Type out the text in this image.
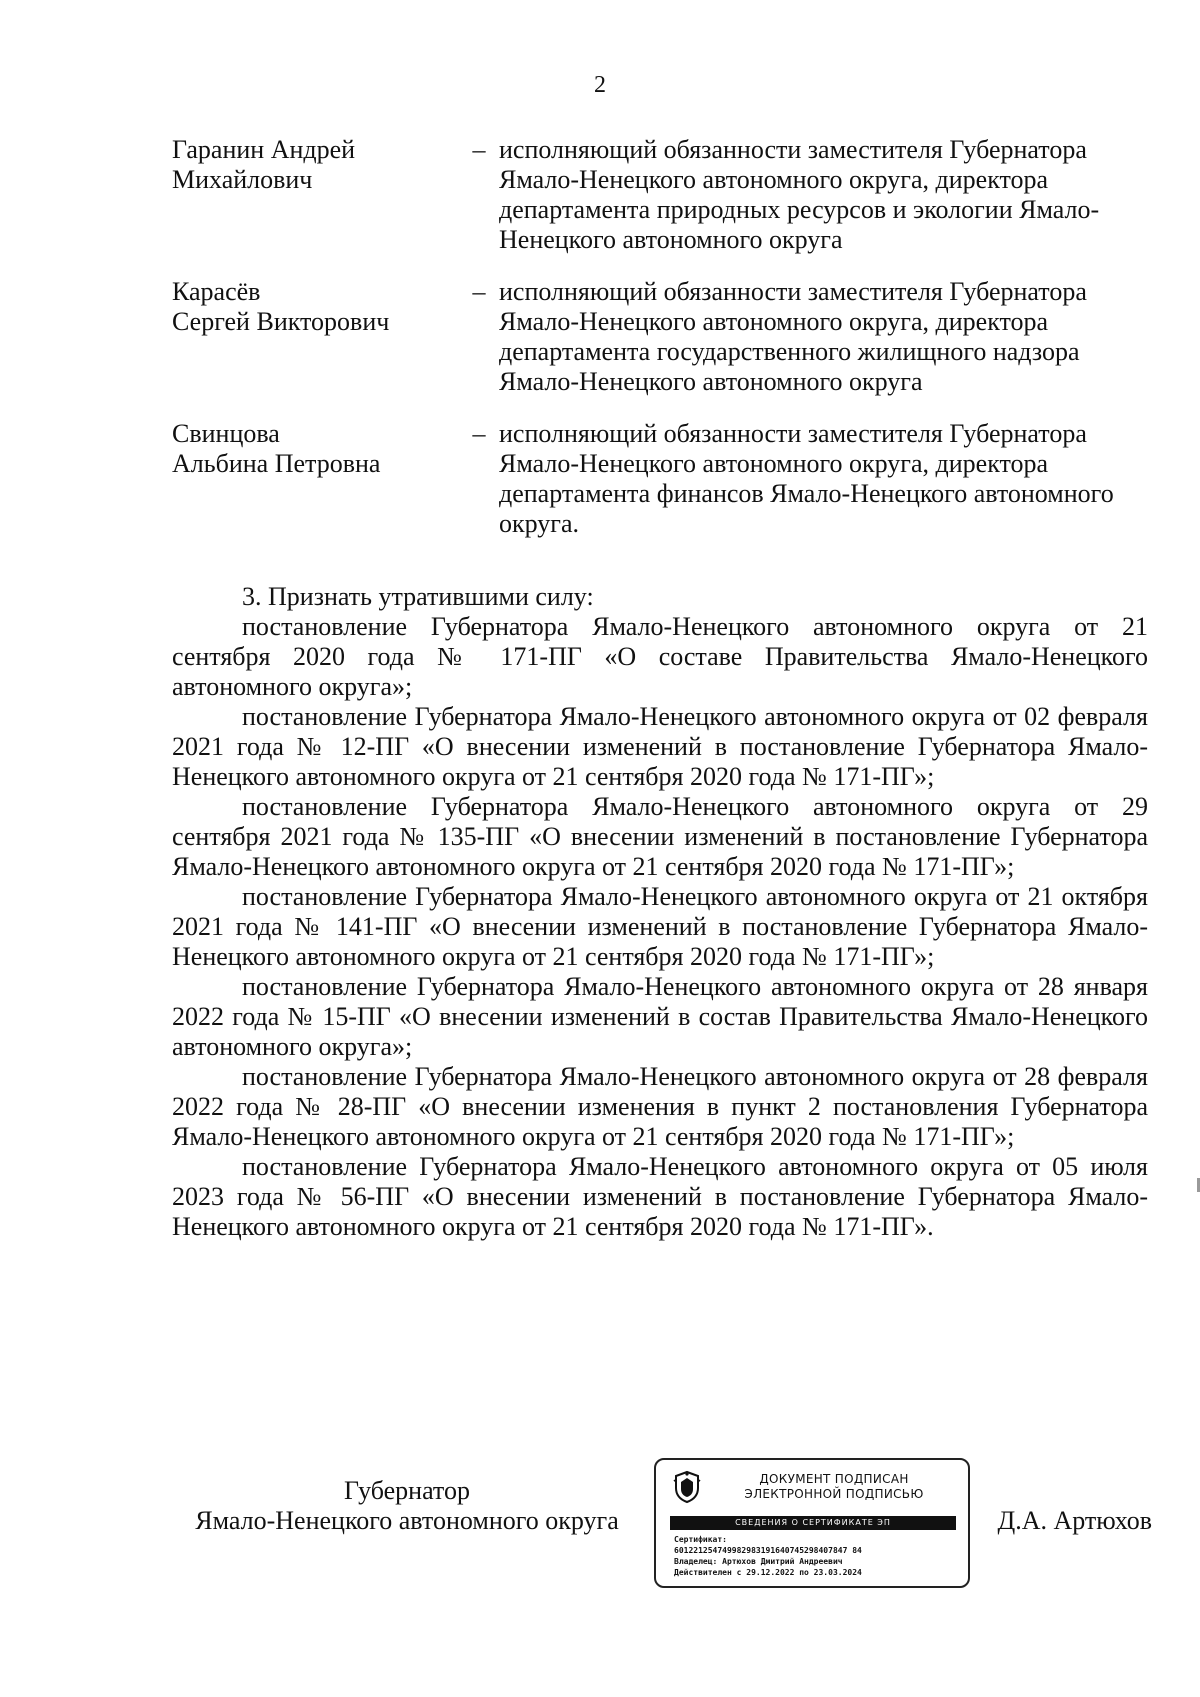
2
Гаранин Андрей
Михайлович
– исполняющий обязанности заместителя Губернатора Ямало-Ненецкого автономного округа, директора департамента природных ресурсов и экологии Ямало-Ненецкого автономного округа
Карасёв
Сергей Викторович
– исполняющий обязанности заместителя Губернатора Ямало-Ненецкого автономного округа, директора департамента государственного жилищного надзора Ямало-Ненецкого автономного округа
Свинцова
Альбина Петровна
– исполняющий обязанности заместителя Губернатора Ямало-Ненецкого автономного округа, директора департамента финансов Ямало-Ненецкого автономного округа.

3. Признать утратившими силу:

постановление Губернатора Ямало-Ненецкого автономного округа от 21 сентября 2020 года № 171-ПГ «О составе Правительства Ямало-Ненецкого автономного округа»;

постановление Губернатора Ямало-Ненецкого автономного округа от 02 февраля 2021 года № 12-ПГ «О внесении изменений в постановление Губернатора Ямало-Ненецкого автономного округа от 21 сентября 2020 года № 171-ПГ»;

постановление Губернатора Ямало-Ненецкого автономного округа от 29 сентября 2021 года № 135-ПГ «О внесении изменений в постановление Губернатора Ямало-Ненецкого автономного округа от 21 сентября 2020 года № 171-ПГ»;

постановление Губернатора Ямало-Ненецкого автономного округа от 21 октября 2021 года № 141-ПГ «О внесении изменений в постановление Губернатора Ямало-Ненецкого автономного округа от 21 сентября 2020 года № 171-ПГ»;

постановление Губернатора Ямало-Ненецкого автономного округа от 28 января 2022 года № 15-ПГ «О внесении изменений в состав Правительства Ямало-Ненецкого автономного округа»;

постановление Губернатора Ямало-Ненецкого автономного округа от 28 февраля 2022 года № 28-ПГ «О внесении изменения в пункт 2 постановления Губернатора Ямало-Ненецкого автономного округа от 21 сентября 2020 года № 171-ПГ»;

постановление Губернатора Ямало-Ненецкого автономного округа от 05 июля 2023 года № 56-ПГ «О внесении изменений в постановление Губернатора Ямало-Ненецкого автономного округа от 21 сентября 2020 года № 171-ПГ».

Губернатор
Ямало-Ненецкого автономного округа	Д.А. Артюхов
ДОКУМЕНТ ПОДПИСАН
ЭЛЕКТРОННОЙ ПОДПИСЬЮ
СВЕДЕНИЯ О СЕРТИФИКАТЕ ЭП
Сертификат:
601221254749982983191640745298407847 84
Владелец: Артюхов Дмитрий Андреевич
Действителен с 29.12.2022 по 23.03.2024
